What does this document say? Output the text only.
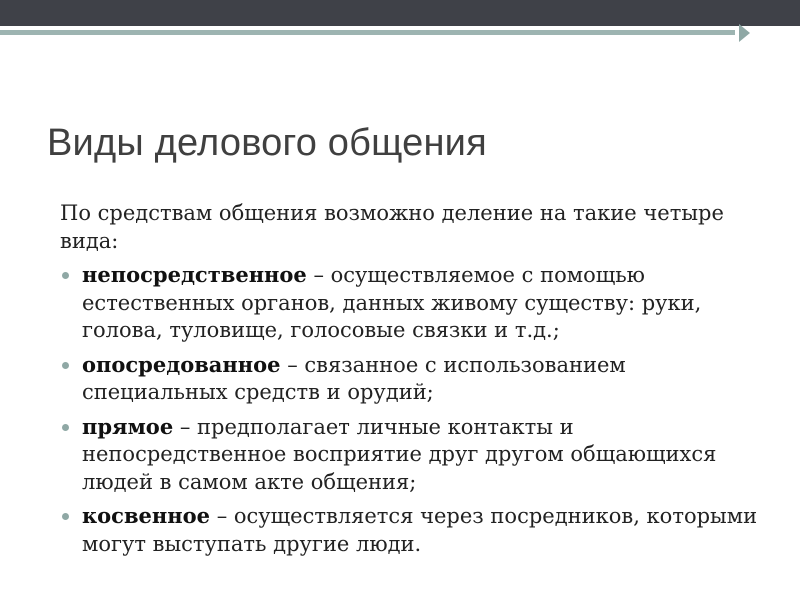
Виды делового общения

По средствам общения возможно деление на такие четыре вида:

непосредственное – осуществляемое с помощью естественных органов, данных живому существу: руки, голова, туловище, голосовые связки и т.д.;
опосредованное – связанное с использованием специальных средств и орудий;
прямое – предполагает личные контакты и непосредственное восприятие друг другом общающихся людей в самом акте общения;
косвенное – осуществляется через посредников, которыми могут выступать другие люди.
